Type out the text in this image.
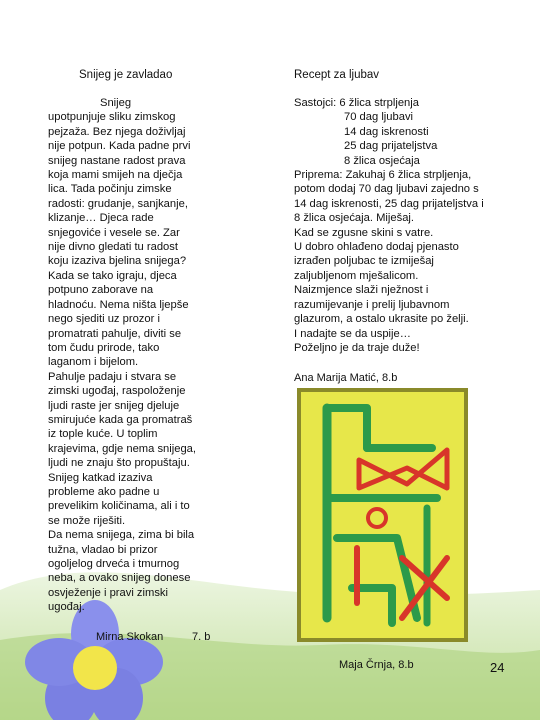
Snijeg je zavladao
Snijeg
upotpunjuje sliku zimskog
pejzaža. Bez njega doživljaj
nije potpun. Kada padne prvi
snijeg nastane radost prava
koja mami smijeh na dječja
lica. Tada počinju zimske
radosti: grudanje, sanjkanje,
klizanje… Djeca rade
snjegoviće i vesele se. Zar
nije divno gledati tu radost
koju izaziva bjelina snijega?
Kada se tako igraju, djeca
potpuno zaborave na
hladnoću. Nema ništa ljepše
nego sjediti uz prozor i
promatrati pahulje, diviti se
tom čudu prirode, tako
laganom i bijelom.
Pahulje padaju i stvara se
zimski ugođaj, raspoloženje
ljudi raste jer snijeg djeluje
smirujuće kada ga promatraš
iz tople kuće. U toplim
krajevima, gdje nema snijega,
ljudi ne znaju što propuštaju.
Snijeg katkad izaziva
probleme ako padne u
prevelikim količinama, ali i to
se može riješiti.
Da nema snijega, zima bi bila
tužna, vladao bi prizor
ogoljelog drveća i tmurnog
neba, a ovako snijeg donese
osvježenje i pravi zimski
ugođaj.
Mirna Skokan	7. b
Recept za ljubav
Sastojci: 6 žlica strpljenja
70 dag ljubavi
14 dag iskrenosti
25 dag prijateljstva
8 žlica osjećaja
Priprema: Zakuhaj 6 žlica strpljenja,
potom dodaj 70 dag ljubavi zajedno s
14 dag iskrenosti, 25 dag prijateljstva i
8 žlica osjećaja. Miješaj.
Kad se zgusne skini s vatre.
U dobro ohlađeno dodaj pjenasto
izrađen poljubac te izmiješaj
zaljubljenom mješalicom.
Naizmjence slaži nježnost i
razumijevanje i prelij ljubavnom
glazurom, a ostalo ukrasite po želji.
I nadajte se da uspije…
Poželjno je da traje duže!
Ana Marija Matić, 8.b
Maja Črnja, 8.b	24
